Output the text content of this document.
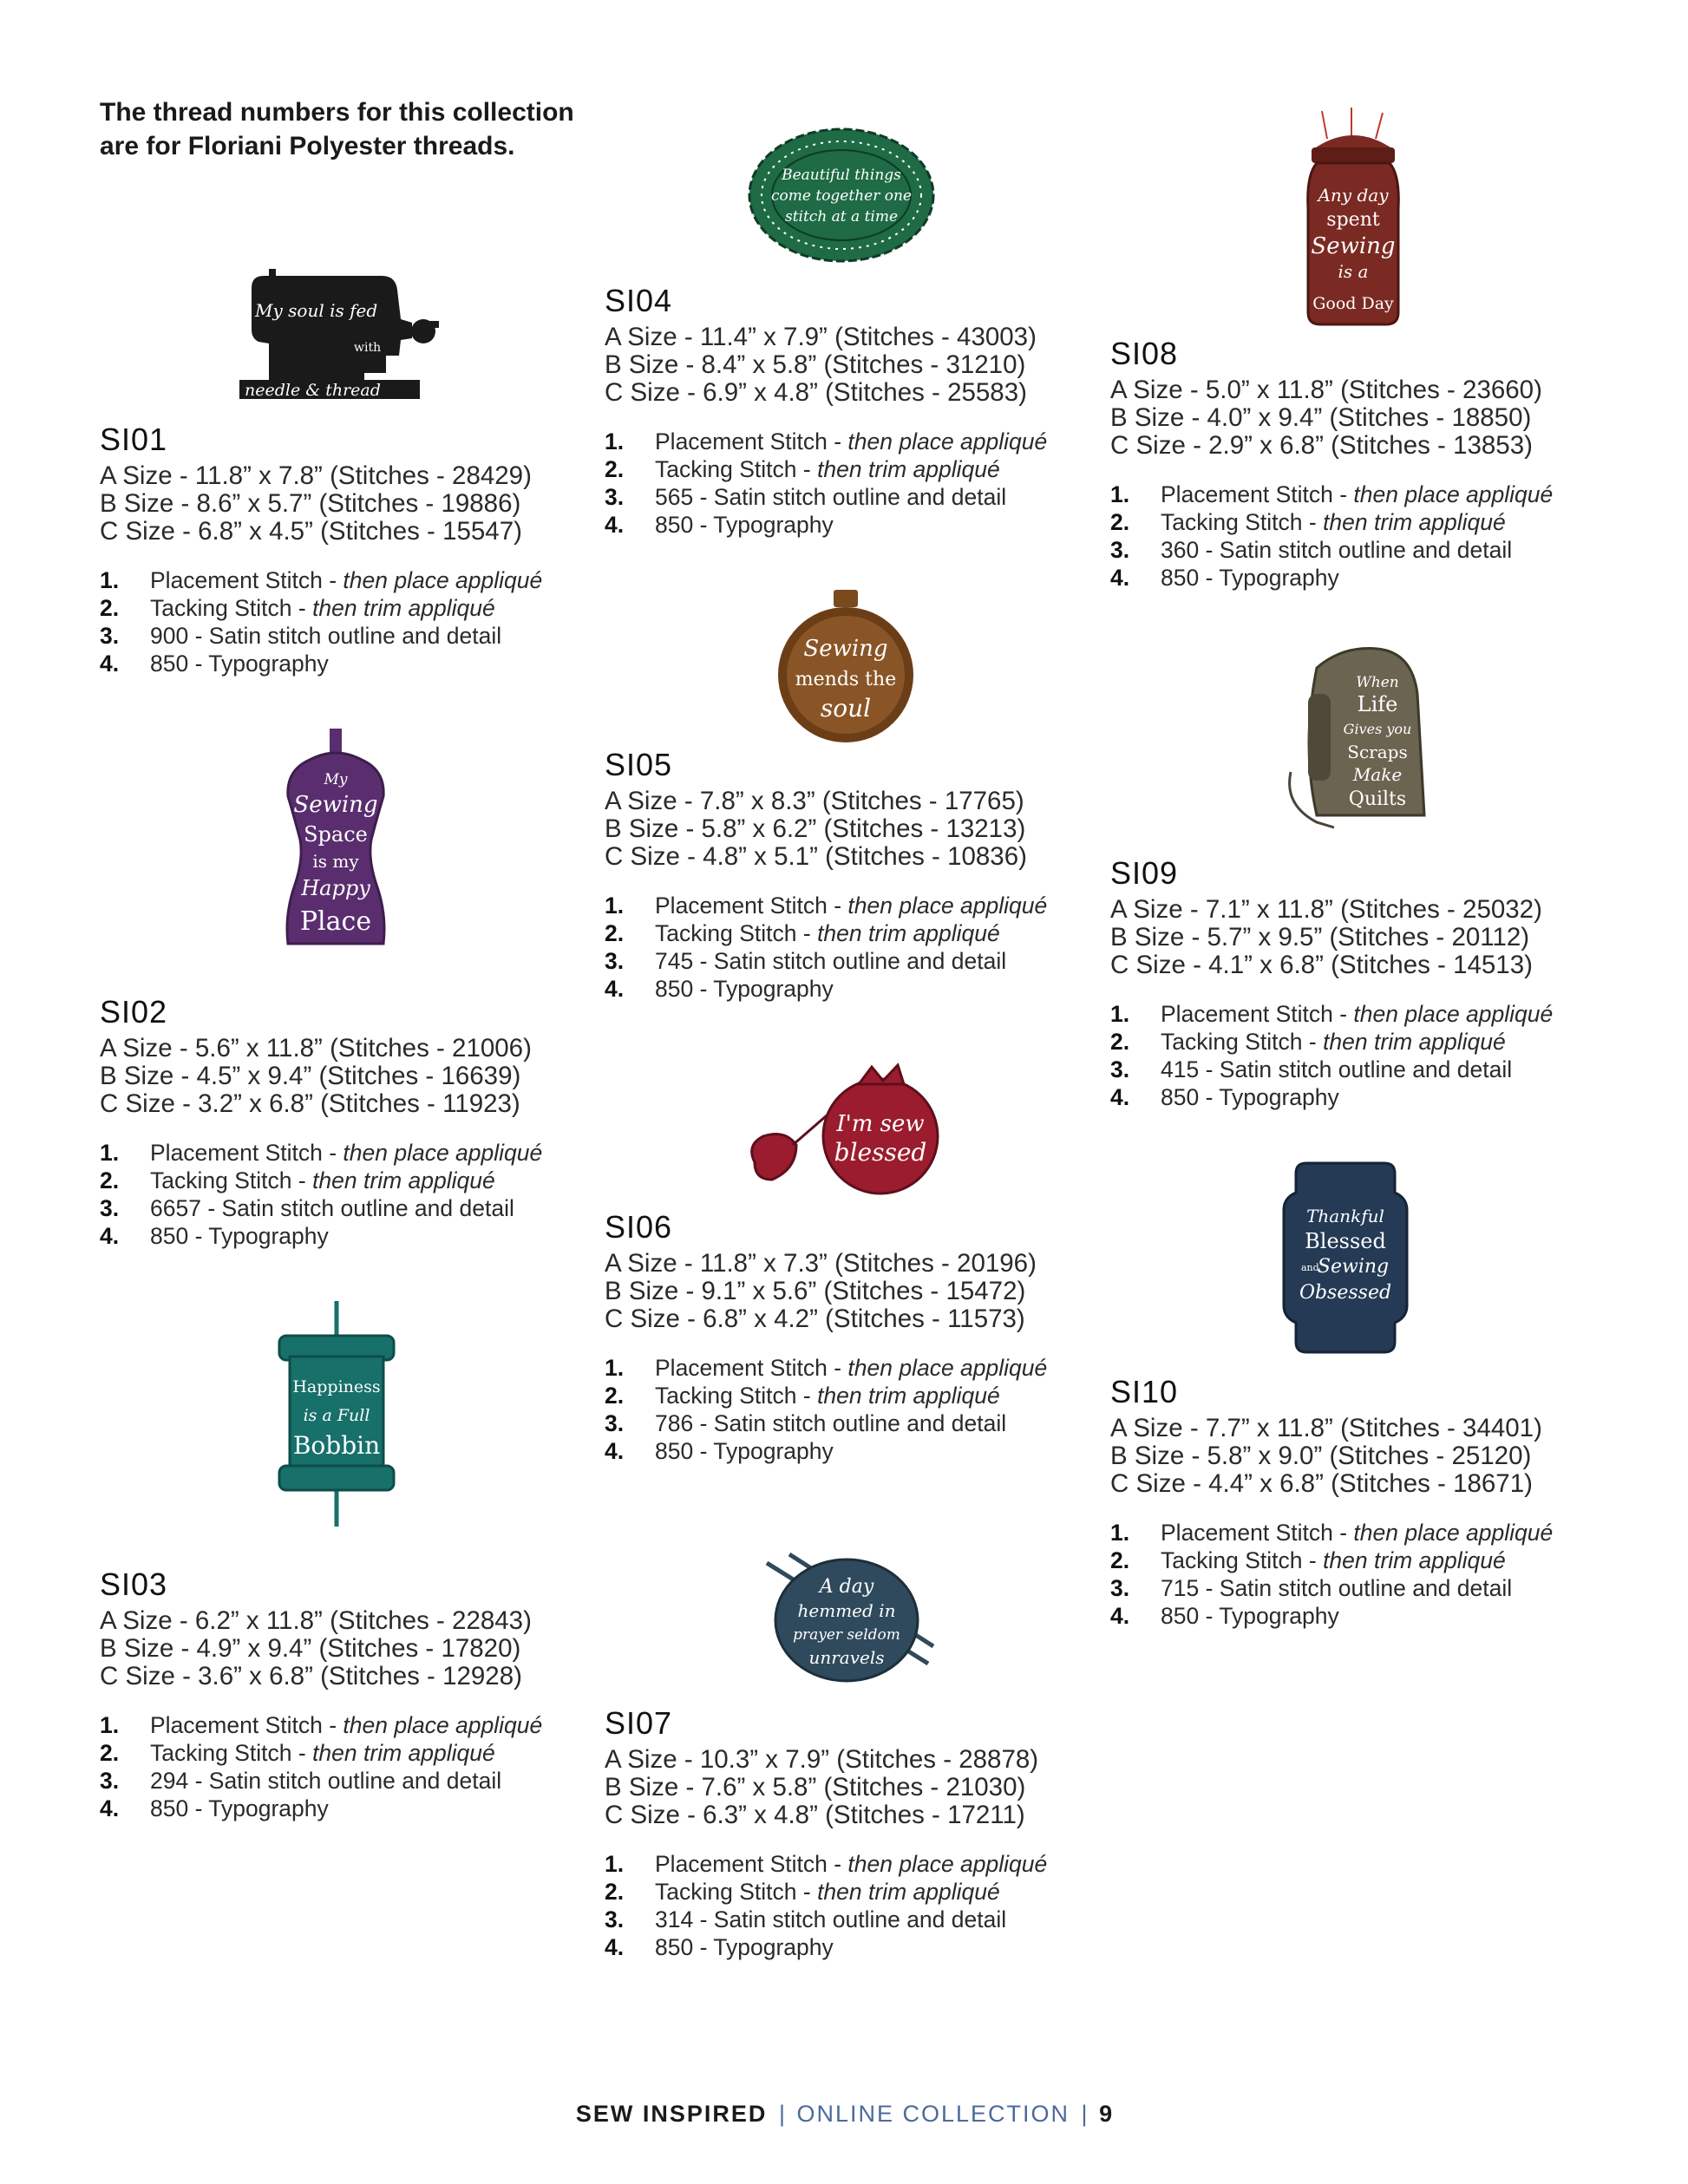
The thread numbers for this collection are for Floriani Polyester threads.
My soul is fed
with
needle & thread
My
Sewing
Space
is my
Happy
Place
Happiness
is a Full
Bobbin
Beautiful things
come together one
stitch at a time
Sewing
mends the
soul
I'm sew
blessed
A day
hemmed in
prayer seldom
unravels
Any day
spent
Sewing
is a
Good Day
When
Life
Gives you
Scraps
Make
Quilts
Thankful
Blessed
and
Sewing
Obsessed
SI01
A Size - 11.8” x 7.8” (Stitches - 28429)
B Size - 8.6” x 5.7” (Stitches - 19886)
C Size - 6.8” x 4.5” (Stitches - 15547)
1.	Placement Stitch -
then place appliqué
2.	Tacking Stitch -
then trim appliqué
3.	900 - Satin stitch outline and detail
4.	850 - Typography
SI02
A Size - 5.6” x 11.8” (Stitches - 21006)
B Size - 4.5” x 9.4” (Stitches - 16639)
C Size - 3.2” x 6.8” (Stitches - 11923)
1.	Placement Stitch -
then place appliqué
2.	Tacking Stitch -
then trim appliqué
3.	6657 - Satin stitch outline and detail
4.	850 - Typography
SI03
A Size - 6.2” x 11.8” (Stitches - 22843)
B Size - 4.9” x 9.4” (Stitches - 17820)
C Size - 3.6” x 6.8” (Stitches - 12928)
1.	Placement Stitch -
then place appliqué
2.	Tacking Stitch -
then trim appliqué
3.	294 - Satin stitch outline and detail
4.	850 - Typography
SI04
A Size - 11.4” x 7.9” (Stitches - 43003)
B Size - 8.4” x 5.8” (Stitches - 31210)
C Size - 6.9” x 4.8” (Stitches - 25583)
1.	Placement Stitch -
then place appliqué
2.	Tacking Stitch -
then trim appliqué
3.	565 - Satin stitch outline and detail
4.	850 - Typography
SI05
A Size - 7.8” x 8.3” (Stitches - 17765)
B Size - 5.8” x 6.2” (Stitches - 13213)
C Size - 4.8” x 5.1” (Stitches - 10836)
1.	Placement Stitch -
then place appliqué
2.	Tacking Stitch -
then trim appliqué
3.	745 - Satin stitch outline and detail
4.	850 - Typography
SI06
A Size - 11.8” x 7.3” (Stitches - 20196)
B Size - 9.1” x 5.6” (Stitches - 15472)
C Size - 6.8” x 4.2” (Stitches - 11573)
1.	Placement Stitch -
then place appliqué
2.	Tacking Stitch -
then trim appliqué
3.	786 - Satin stitch outline and detail
4.	850 - Typography
SI07
A Size - 10.3” x 7.9” (Stitches - 28878)
B Size - 7.6” x 5.8” (Stitches - 21030)
C Size - 6.3” x 4.8” (Stitches - 17211)
1.	Placement Stitch -
then place appliqué
2.	Tacking Stitch -
then trim appliqué
3.	314 - Satin stitch outline and detail
4.	850 - Typography
SI08
A Size - 5.0” x 11.8” (Stitches - 23660)
B Size - 4.0” x 9.4” (Stitches - 18850)
C Size - 2.9” x 6.8” (Stitches - 13853)
1.	Placement Stitch -
then place appliqué
2.	Tacking Stitch -
then trim appliqué
3.	360 - Satin stitch outline and detail
4.	850 - Typography
SI09
A Size - 7.1” x 11.8” (Stitches - 25032)
B Size - 5.7” x 9.5” (Stitches - 20112)
C Size - 4.1” x 6.8” (Stitches - 14513)
1.	Placement Stitch -
then place appliqué
2.	Tacking Stitch -
then trim appliqué
3.	415 - Satin stitch outline and detail
4.	850 - Typography
SI10
A Size - 7.7” x 11.8” (Stitches - 34401)
B Size - 5.8” x 9.0” (Stitches - 25120)
C Size - 4.4” x 6.8” (Stitches - 18671)
1.	Placement Stitch -
then place appliqué
2.	Tacking Stitch -
then trim appliqué
3.	715 - Satin stitch outline and detail
4.	850 - Typography
SEW INSPIRED | ONLINE COLLECTION | 9
